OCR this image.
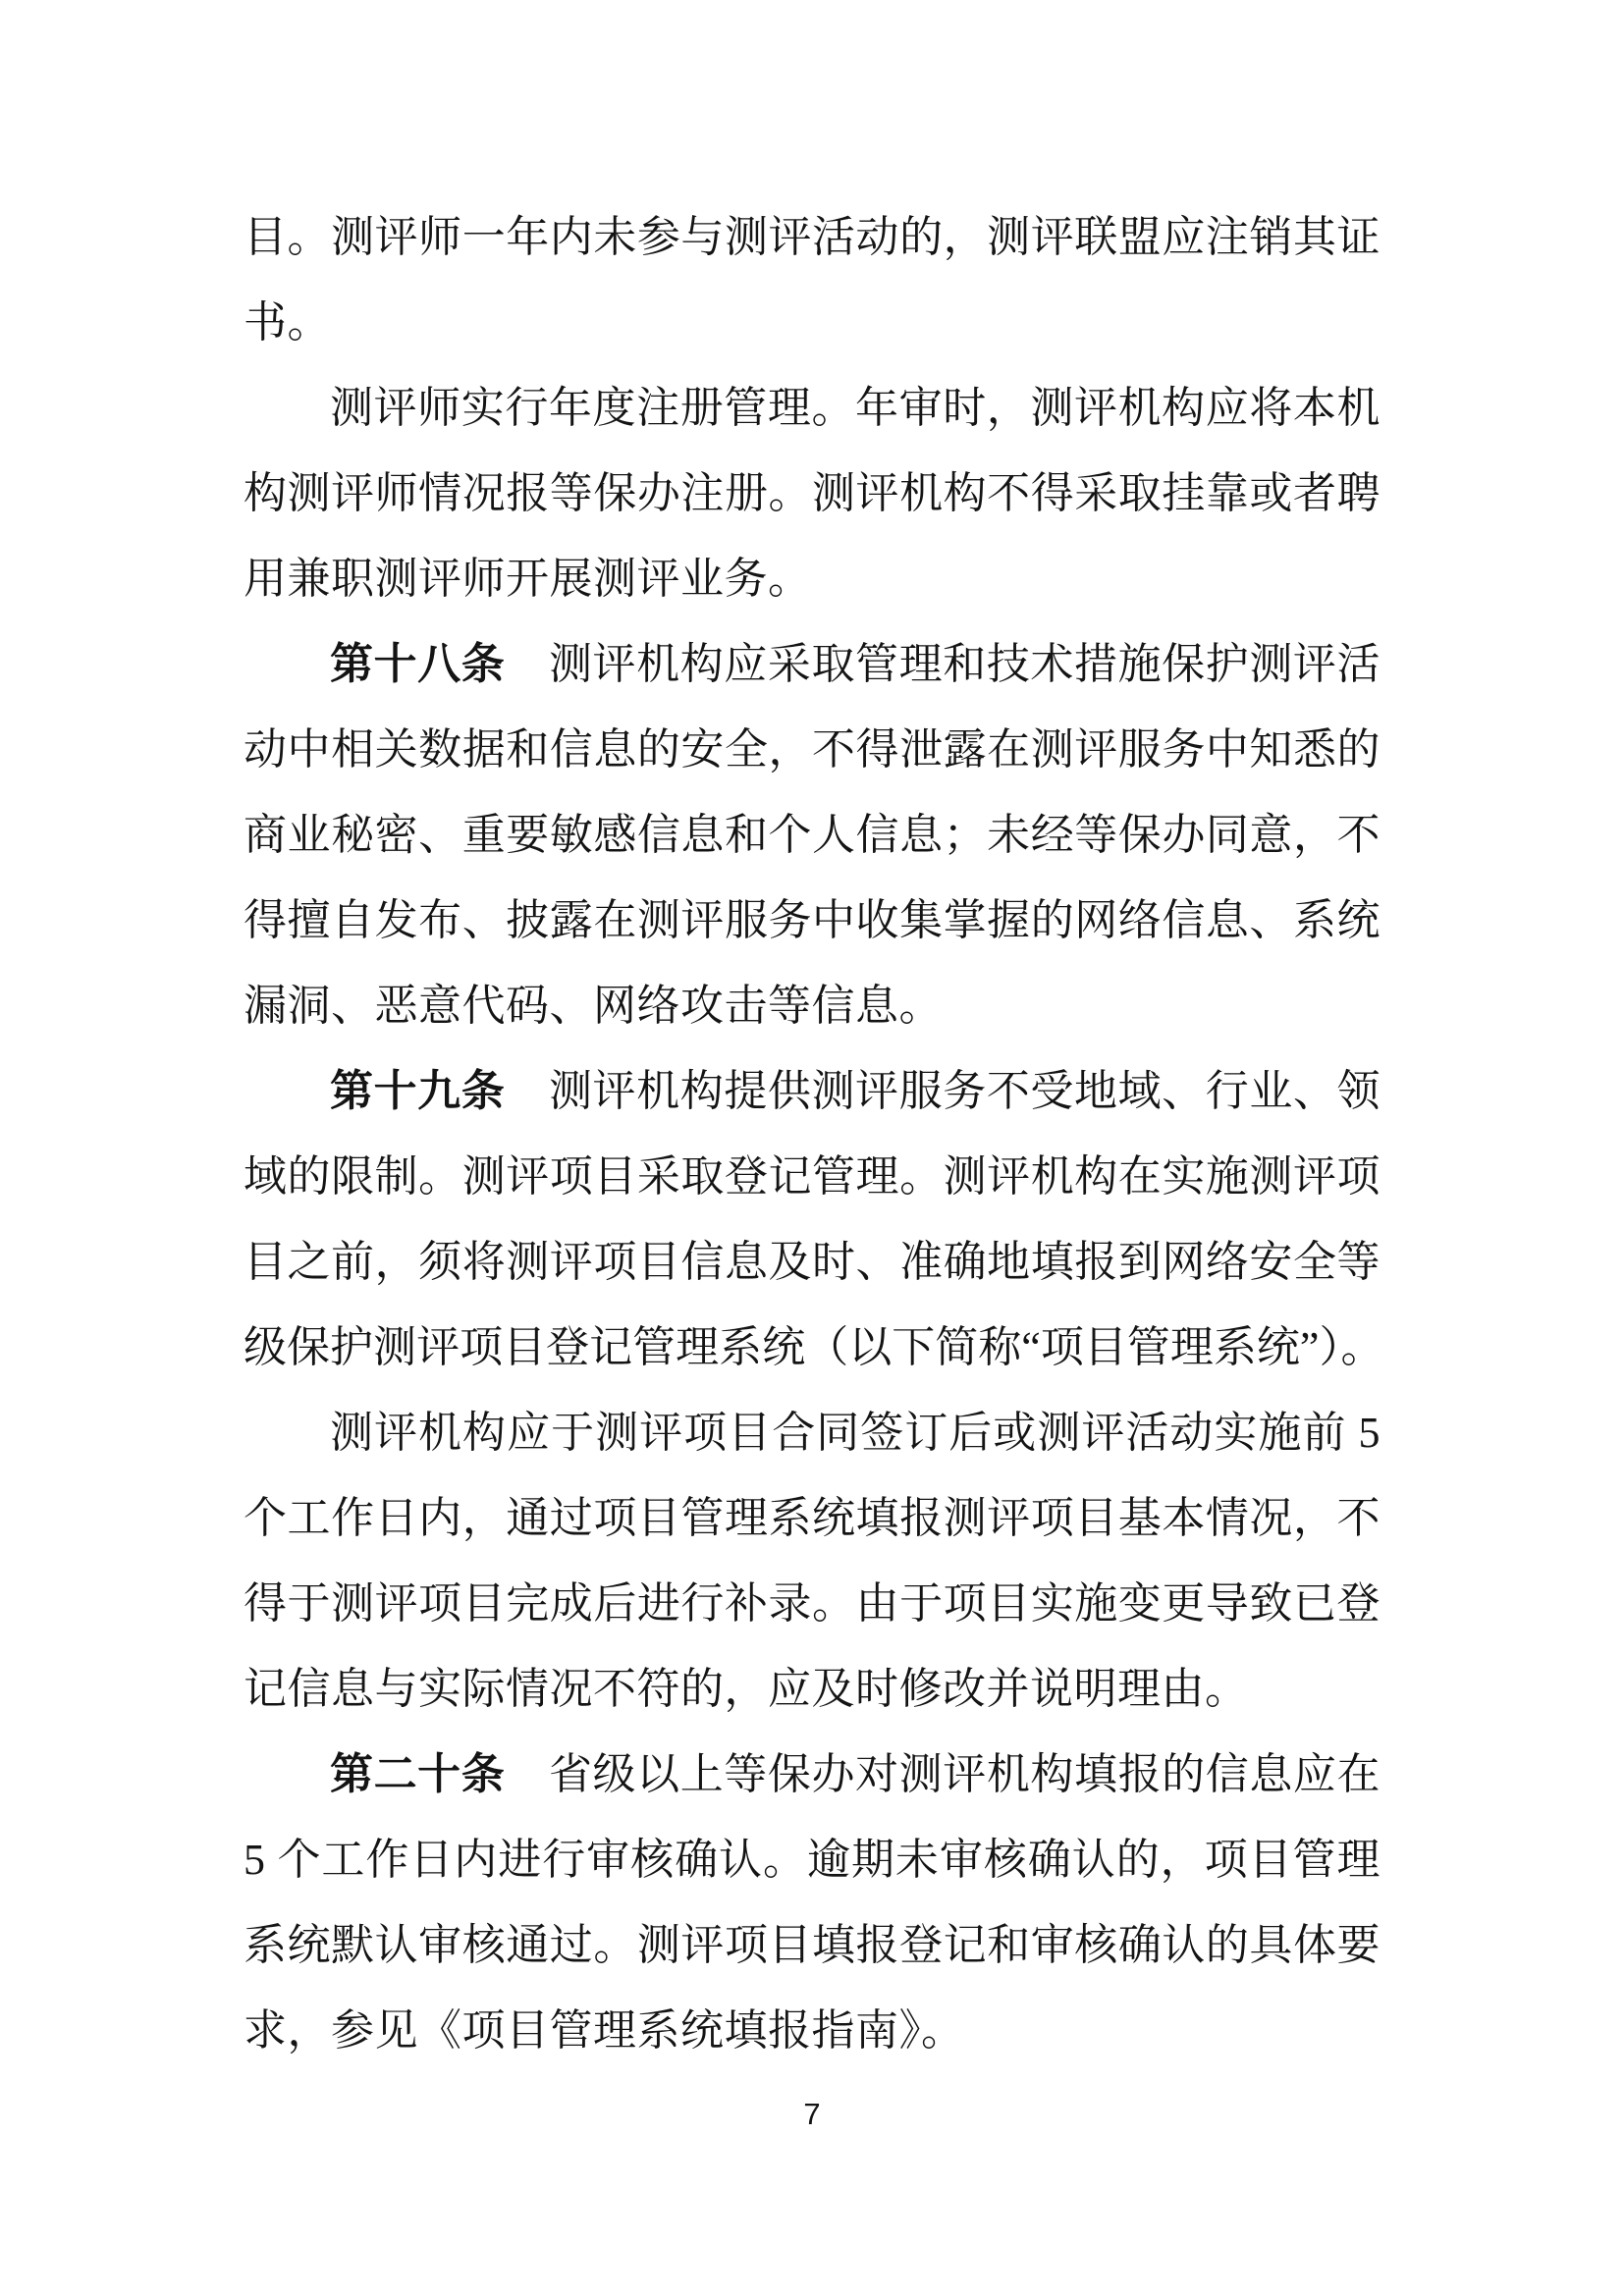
目。测评师一年内未参与测评活动的，测评联盟应注销其证
书。
测评师实行年度注册管理。年审时，测评机构应将本机
构测评师情况报等保办注册。测评机构不得采取挂靠或者聘
用兼职测评师开展测评业务。
第十八条　测评机构应采取管理和技术措施保护测评活
动中相关数据和信息的安全，不得泄露在测评服务中知悉的
商业秘密、重要敏感信息和个人信息；未经等保办同意，不
得擅自发布、披露在测评服务中收集掌握的网络信息、系统
漏洞、恶意代码、网络攻击等信息。
第十九条　测评机构提供测评服务不受地域、行业、领
域的限制。测评项目采取登记管理。测评机构在实施测评项
目之前，须将测评项目信息及时、准确地填报到网络安全等
级保护测评项目登记管理系统（以下简称“项目管理系统”）。
测评机构应于测评项目合同签订后或测评活动实施前 5
个工作日内，通过项目管理系统填报测评项目基本情况，不
得于测评项目完成后进行补录。由于项目实施变更导致已登
记信息与实际情况不符的，应及时修改并说明理由。
第二十条　省级以上等保办对测评机构填报的信息应在
5 个工作日内进行审核确认。逾期未审核确认的，项目管理
系统默认审核通过。测评项目填报登记和审核确认的具体要
求，参见《项目管理系统填报指南》。
7
